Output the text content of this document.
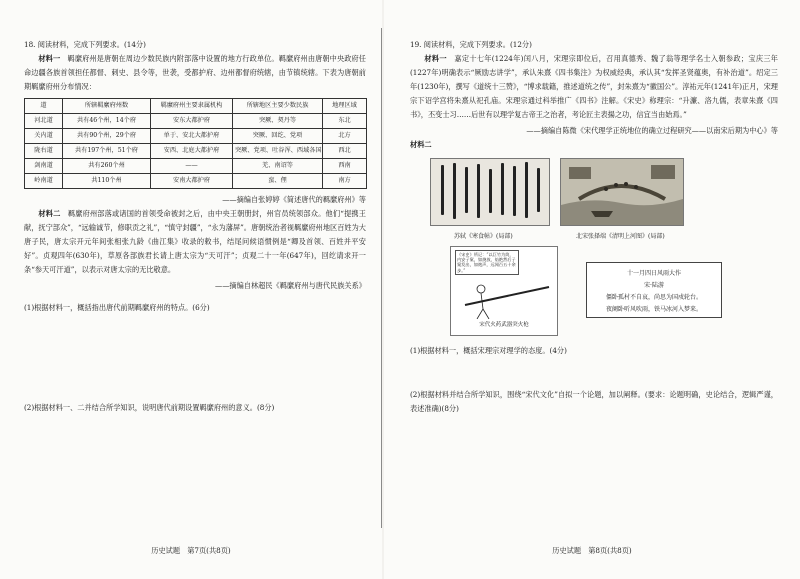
18. 阅读材料，完成下列要求。(14分)

材料一　 羁縻府州是唐朝在周边少数民族内附部落中设置的地方行政单位。羁縻府州由唐朝中央政府任命边疆各族首领担任都督、刺史、县令等，世袭，受都护府、边州都督府统辖，由节镇统辖。下表为唐朝前期羁縻府州分布情况：

道	所辖羁縻府州数	羁縻府州主要隶属机构	所辖地区主要少数民族	地理区域
河北道	共有46个州，14个府	安东大都护府	突厥、契丹等	东北
关内道	共有90个州，29个府	单于、安北大都护府	突厥、回纥、党项	北方
陇右道	共有197个州，51个府	安西、北庭大都护府	突厥、党项、吐谷浑、西域各国	西北
剑南道	共有260个州	——	羌、南诏等	西南
岭南道	共110个州	安南大都护府	蛮、俚	南方

——摘编自张婷婷《简述唐代的羁縻府州》等

材料二　 羁縻府州部落或诸国的首领受命被封之后，由中央王朝册封，州官员统领部众。他们“提携王献，抚宁部众”，“远输诚节，修职贡之礼”，“慎守封疆”，“永为藩屏”。唐朝统治者视羁縻府州地区百姓为大唐子民，唐太宗开元年间张相张九龄《曲江集》收录的敕书，结尾问候语惯例是“卿及首领、百姓并平安好”。贞观四年(630年)，草原各部族君长请上唐太宗为“天可汗”；贞观二十一年(647年)，回纥请求开一条“参天可汗道”，以表示对唐太宗的无比敬意。

——摘编自林超民《羁縻府州与唐代民族关系》

(1)根据材料一，概括指出唐代前期羁縻府州的特点。(6分)

(2)根据材料一、二并结合所学知识，说明唐代前期设置羁縻府州的意义。(8分)

历史试题　第7页(共8页)

19. 阅读材料，完成下列要求。(12分)

材料一　 嘉定十七年(1224年)闰八月，宋理宗即位后，召用真德秀、魏了翁等理学名士入朝参政；宝庆三年(1227年)明确表示“厥励志讲学”，承认朱熹《四书集注》为权威经典，承认其“发挥圣贤蕴奥，有补治道”。绍定三年(1230年)，撰写《道统十三赞》，“博求载籍，推述道统之传”，封朱熹为“徽国公”。淳祐元年(1241年)正月，宋理宗下诏学宫将朱熹从祀孔庙。宋理宗通过科举推广《四书》注解。《宋史》称理宗：“升濂、洛九儒，表章朱熹《四书》，丕变士习……后世有以理学复古帝王之治者，考论匠主表揚之功，信宜当由始焉。”

——摘编自陈微《宋代理学正统地位的确立过程研究——以南宋后期为中心》等

材料二

苏轼《寒食帖》(局部)	北宋张择端《清明上河图》(局部)
《宋史》所记：“以巨竹为筒，内安子窠，如烧放，焰绝然后子窠发出，如炮声，远闻百五十余步。”
宋代火药武器突火枪
十一月四日风雨大作
宋·陆游
僵卧孤村不自哀，尚思为国戍轮台。
夜阑卧听风吹雨，铁马冰河入梦来。

(1)根据材料一，概括宋理宗对理学的态度。(4分)

(2)根据材料并结合所学知识，围绕“宋代文化”自拟一个论题，加以阐释。(要求：论题明确，史论结合，逻辑严谨，表述准确)(8分)

历史试题　第8页(共8页)
